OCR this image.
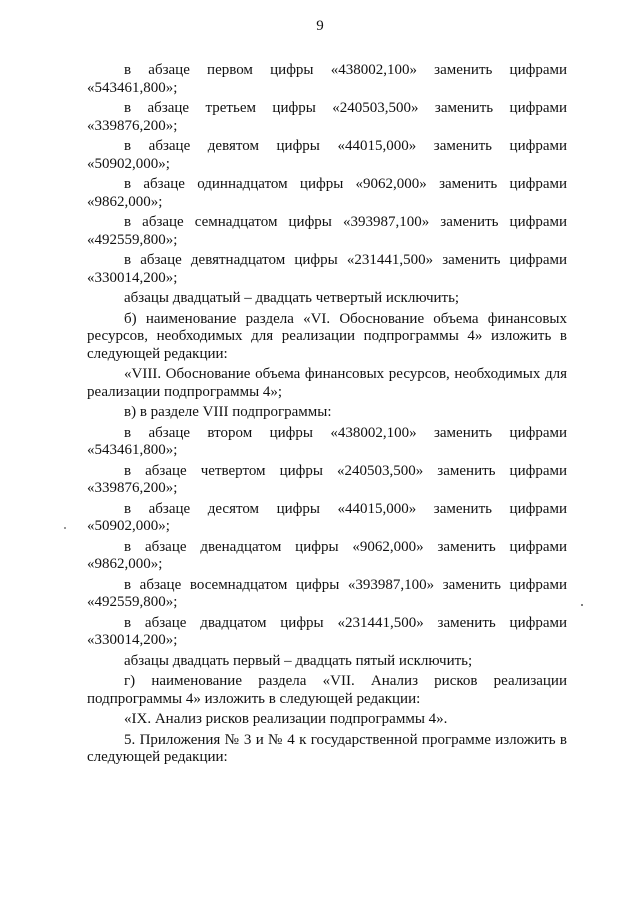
9

в абзаце первом цифры «438002,100» заменить цифрами
«543461,800»;

в абзаце третьем цифры «240503,500» заменить цифрами
«339876,200»;

в абзаце девятом цифры «44015,000» заменить цифрами
«50902,000»;

в абзаце одиннадцатом цифры «9062,000» заменить цифрами
«9862,000»;

в абзаце семнадцатом цифры «393987,100» заменить цифрами
«492559,800»;

в абзаце девятнадцатом цифры «231441,500» заменить цифрами
«330014,200»;

абзацы двадцатый – двадцать четвертый исключить;

б) наименование раздела «VI. Обоснование объема финансовых ресурсов, необходимых для реализации подпрограммы 4» изложить в следующей редакции:

«VIII. Обоснование объема финансовых ресурсов, необходимых для реализации подпрограммы 4»;

в) в разделе VIII подпрограммы:

в абзаце втором цифры «438002,100» заменить цифрами
«543461,800»;

в абзаце четвертом цифры «240503,500» заменить цифрами
«339876,200»;

в абзаце десятом цифры «44015,000» заменить цифрами
«50902,000»;

в абзаце двенадцатом цифры «9062,000» заменить цифрами
«9862,000»;

в абзаце восемнадцатом цифры «393987,100» заменить цифрами
«492559,800»;

в абзаце двадцатом цифры «231441,500» заменить цифрами
«330014,200»;

абзацы двадцать первый – двадцать пятый исключить;

г) наименование раздела «VII. Анализ рисков реализации подпрограммы 4» изложить в следующей редакции:

«IX. Анализ рисков реализации подпрограммы 4».

5. Приложения № 3 и № 4 к государственной программе изложить в следующей редакции:
